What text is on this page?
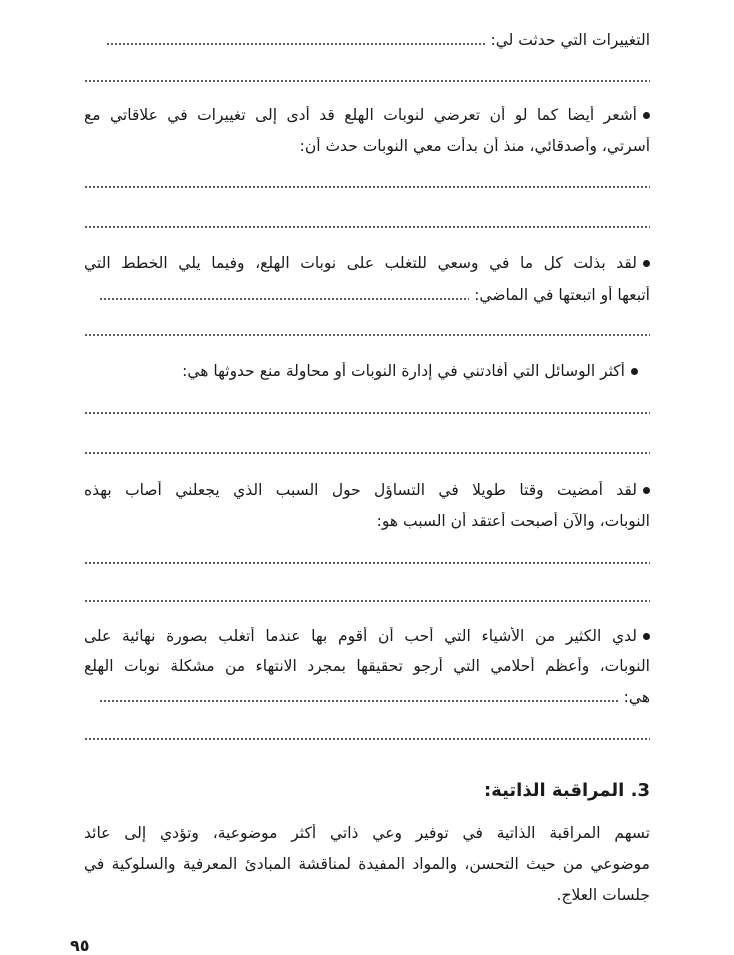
التغييرات التي حدثت لي:
أشعر أيضا كما لو أن تعرضي لنوبات الهلع قد أدى إلى تغييرات في علاقاتي مع
أسرتي، وأصدقائي، منذ أن بدأت معي النوبات حدث أن:
لقد بذلت كل ما في وسعي للتغلب على نوبات الهلع، وفيما يلي الخطط التي
أتبعها أو اتبعتها في الماضي:
أكثر الوسائل التي أفادتني في إدارة النوبات أو محاولة منع حدوثها هي:
لقد أمضيت وقتا طويلا في التساؤل حول السبب الذي يجعلني أصاب بهذه
النوبات، والآن أصبحت أعتقد أن السبب هو:
لدي الكثير من الأشياء التي أحب أن أقوم بها عندما أتغلب بصورة نهائية على
النوبات، وأعظم أحلامي التي أرجو تحقيقها بمجرد الانتهاء من مشكلة نوبات الهلع
هي:
3. المراقبة الذاتية:
تسهم المراقبة الذاتية في توفير وعي ذاتي أكثر موضوعية، وتؤدي إلى عائد
موضوعي من حيث التحسن، والمواد المفيدة لمناقشة المبادئ المعرفية والسلوكية في
جلسات العلاج.
٩٥
